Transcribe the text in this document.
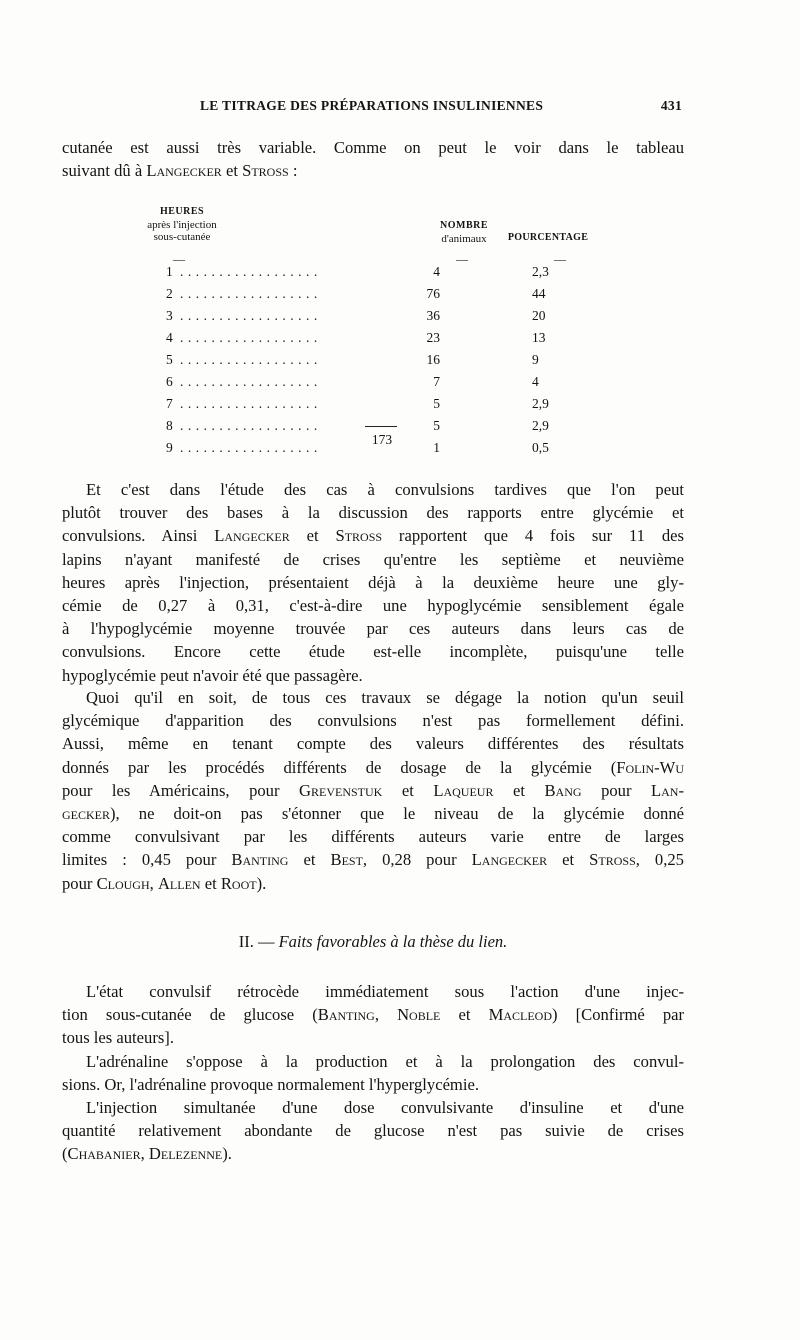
LE TITRAGE DES PRÉPARATIONS INSULINIENNES	431
cutanée est aussi très variable. Comme on peut le voir dans le tableau
suivant dû à Langecker et Stross :
HEURES
après l'injection
sous-cutanée
NOMBRE
d'animaux	POURCENTAGE
—	—	—
1 ..................	4	2,3
2 ..................	76	44
3 ..................	36	20
4 ..................	23	13
5 ..................	16	9
6 ..................	7	4
7 ..................	5	2,9
8 ..................	5	2,9
9 ..................	1	0,5
173
Et c'est dans l'étude des cas à convulsions tardives que l'on peut
plutôt trouver des bases à la discussion des rapports entre glycémie et
convulsions. Ainsi Langecker et Stross rapportent que 4 fois sur 11 des
lapins n'ayant manifesté de crises qu'entre les septième et neuvième
heures après l'injection, présentaient déjà à la deuxième heure une gly-
cémie de 0,27 à 0,31, c'est-à-dire une hypoglycémie sensiblement égale
à l'hypoglycémie moyenne trouvée par ces auteurs dans leurs cas de
convulsions. Encore cette étude est-elle incomplète, puisqu'une telle
hypoglycémie peut n'avoir été que passagère.
Quoi qu'il en soit, de tous ces travaux se dégage la notion qu'un seuil
glycémique d'apparition des convulsions n'est pas formellement défini.
Aussi, même en tenant compte des valeurs différentes des résultats
donnés par les procédés différents de dosage de la glycémie (Folin-Wu
pour les Américains, pour Grevenstuk et Laqueur et Bang pour Lan-
gecker), ne doit-on pas s'étonner que le niveau de la glycémie donné
comme convulsivant par les différents auteurs varie entre de larges
limites : 0,45 pour Banting et Best, 0,28 pour Langecker et Stross, 0,25
pour Clough, Allen et Root).
II. — Faits favorables à la thèse du lien.
L'état convulsif rétrocède immédiatement sous l'action d'une injec-
tion sous-cutanée de glucose (Banting, Noble et Macleod) [Confirmé par
tous les auteurs].
L'adrénaline s'oppose à la production et à la prolongation des convul-
sions. Or, l'adrénaline provoque normalement l'hyperglycémie.
L'injection simultanée d'une dose convulsivante d'insuline et d'une
quantité relativement abondante de glucose n'est pas suivie de crises
(Chabanier, Delezenne).
